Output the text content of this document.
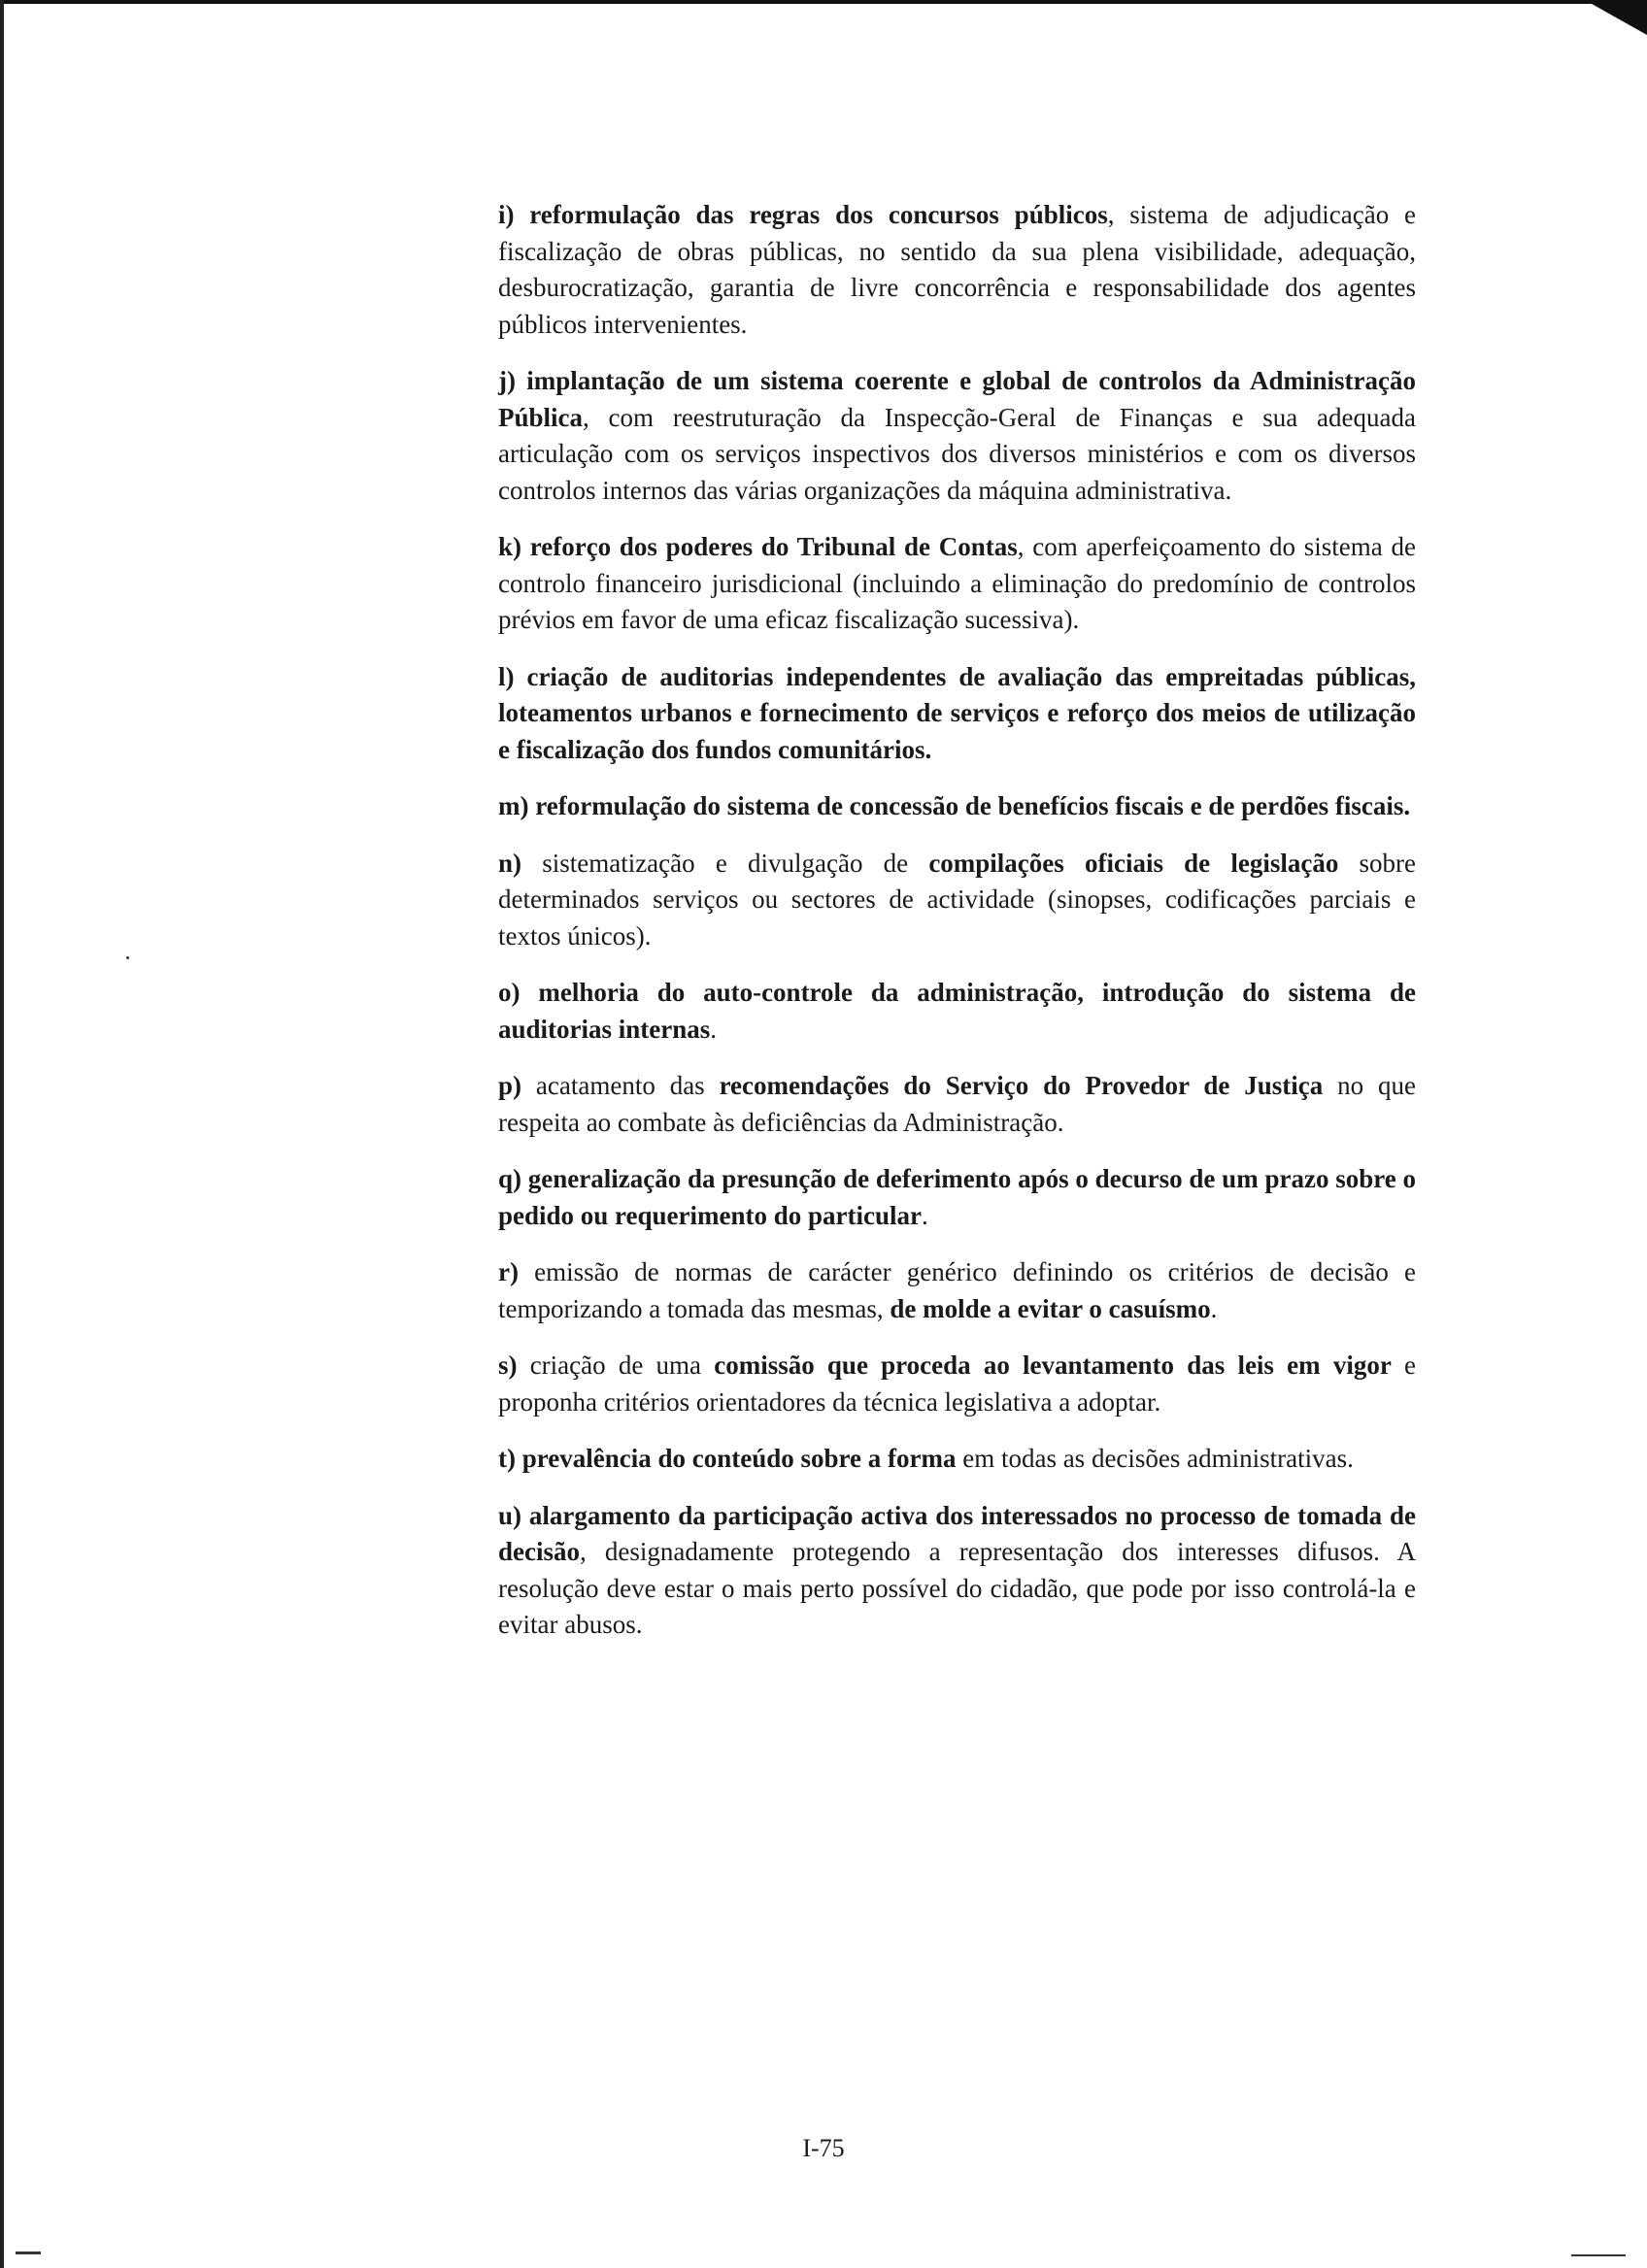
i) reformulação das regras dos concursos públicos, sistema de adjudicação e fiscalização de obras públicas, no sentido da sua plena visibilidade, adequação, desburocratização, garantia de livre concorrência e responsabilidade dos agentes públicos intervenientes.

j) implantação de um sistema coerente e global de controlos da Administração Pública, com reestruturação da Inspecção-Geral de Finanças e sua adequada articulação com os serviços inspectivos dos diversos ministérios e com os diversos controlos internos das várias organizações da máquina administrativa.

k) reforço dos poderes do Tribunal de Contas, com aperfeiçoamento do sistema de controlo financeiro jurisdicional (incluindo a eliminação do predomínio de controlos prévios em favor de uma eficaz fiscalização sucessiva).

l) criação de auditorias independentes de avaliação das empreitadas públicas, loteamentos urbanos e fornecimento de serviços e reforço dos meios de utilização e fiscalização dos fundos comunitários.

m) reformulação do sistema de concessão de benefícios fiscais e de perdões fiscais.

n) sistematização e divulgação de compilações oficiais de legislação sobre determinados serviços ou sectores de actividade (sinopses, codificações parciais e textos únicos).

o) melhoria do auto-controle da administração, introdução do sistema de auditorias internas.

p) acatamento das recomendações do Serviço do Provedor de Justiça no que respeita ao combate às deficiências da Administração.

q) generalização da presunção de deferimento após o decurso de um prazo sobre o pedido ou requerimento do particular.

r) emissão de normas de carácter genérico definindo os critérios de decisão e temporizando a tomada das mesmas, de molde a evitar o casuísmo.

s) criação de uma comissão que proceda ao levantamento das leis em vigor e proponha critérios orientadores da técnica legislativa a adoptar.

t) prevalência do conteúdo sobre a forma em todas as decisões administrativas.

u) alargamento da participação activa dos interessados no processo de tomada de decisão, designadamente protegendo a representação dos interesses difusos. A resolução deve estar o mais perto possível do cidadão, que pode por isso controlá-la e evitar abusos.

I-75
